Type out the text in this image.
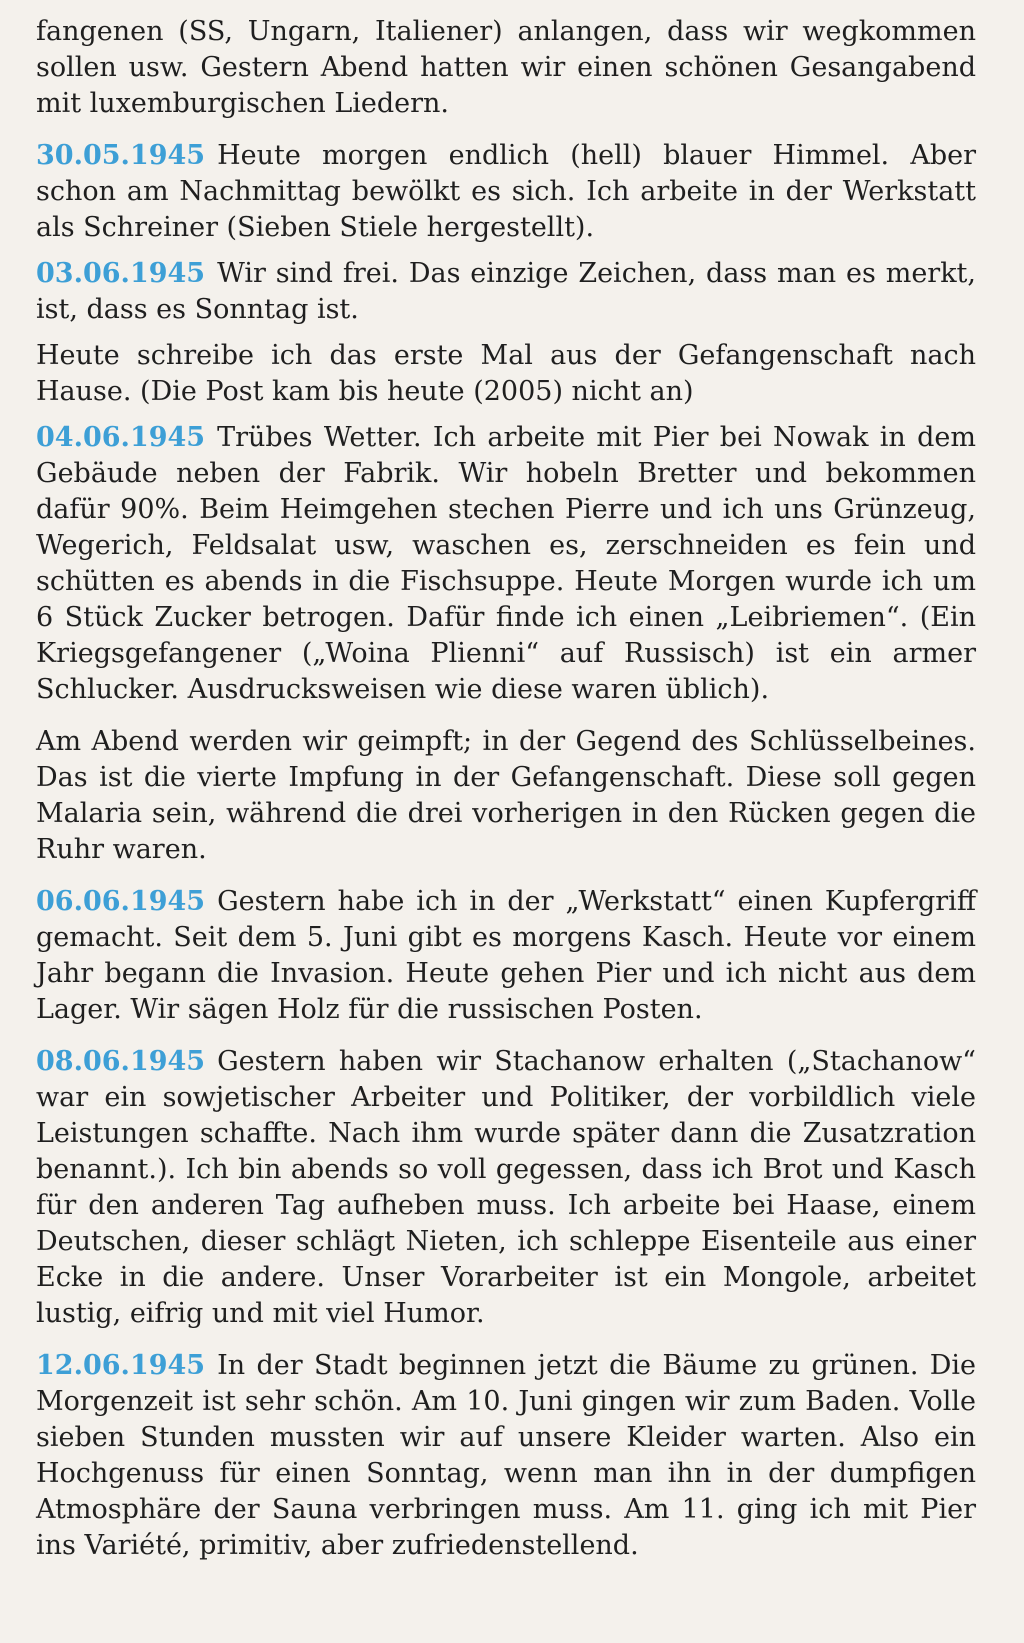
fangenen (SS, Ungarn, Italiener) anlangen, dass wir wegkommen sollen usw. Gestern Abend hatten wir einen schönen Gesangabend mit luxemburgischen Liedern.

30.05.1945 Heute morgen endlich (hell) blauer Himmel. Aber schon am Nachmittag bewölkt es sich. Ich arbeite in der Werkstatt als Schreiner (Sieben Stiele hergestellt).

03.06.1945 Wir sind frei. Das einzige Zeichen, dass man es merkt, ist, dass es Sonntag ist.

Heute schreibe ich das erste Mal aus der Gefangenschaft nach Hause. (Die Post kam bis heute (2005) nicht an)

04.06.1945 Trübes Wetter. Ich arbeite mit Pier bei Nowak in dem Gebäude neben der Fabrik. Wir hobeln Bretter und bekommen dafür 90%. Beim Heimgehen stechen Pierre und ich uns Grünzeug, Wegerich, Feldsalat usw, waschen es, zerschneiden es fein und schütten es abends in die Fischsuppe. Heute Morgen wurde ich um 6 Stück Zucker betrogen. Dafür finde ich einen „Leibriemen“. (Ein Kriegsgefangener („Woina Plienni“ auf Russisch) ist ein armer Schlucker. Ausdrucksweisen wie diese waren üblich).

Am Abend werden wir geimpft; in der Gegend des Schlüsselbeines. Das ist die vierte Impfung in der Gefangenschaft. Diese soll gegen Malaria sein, während die drei vorherigen in den Rücken gegen die Ruhr waren.

06.06.1945 Gestern habe ich in der „Werkstatt“ einen Kupfergriff gemacht. Seit dem 5. Juni gibt es morgens Kasch. Heute vor einem Jahr begann die Invasion. Heute gehen Pier und ich nicht aus dem Lager. Wir sägen Holz für die russischen Posten.

08.06.1945 Gestern haben wir Stachanow erhalten („Stachanow“ war ein sowjetischer Arbeiter und Politiker, der vorbildlich viele Leistungen schaffte. Nach ihm wurde später dann die Zusatzration benannt.). Ich bin abends so voll gegessen, dass ich Brot und Kasch für den anderen Tag aufheben muss. Ich arbeite bei Haase, einem Deutschen, dieser schlägt Nieten, ich schleppe Eisenteile aus einer Ecke in die andere. Unser Vorarbeiter ist ein Mongole, arbeitet lustig, eifrig und mit viel Humor.

12.06.1945 In der Stadt beginnen jetzt die Bäume zu grünen. Die Morgenzeit ist sehr schön. Am 10. Juni gingen wir zum Baden. Volle sieben Stunden mussten wir auf unsere Kleider warten. Also ein Hochgenuss für einen Sonntag, wenn man ihn in der dumpfigen Atmosphäre der Sauna verbringen muss. Am 11. ging ich mit Pier ins Variété, primitiv, aber zufriedenstellend.
